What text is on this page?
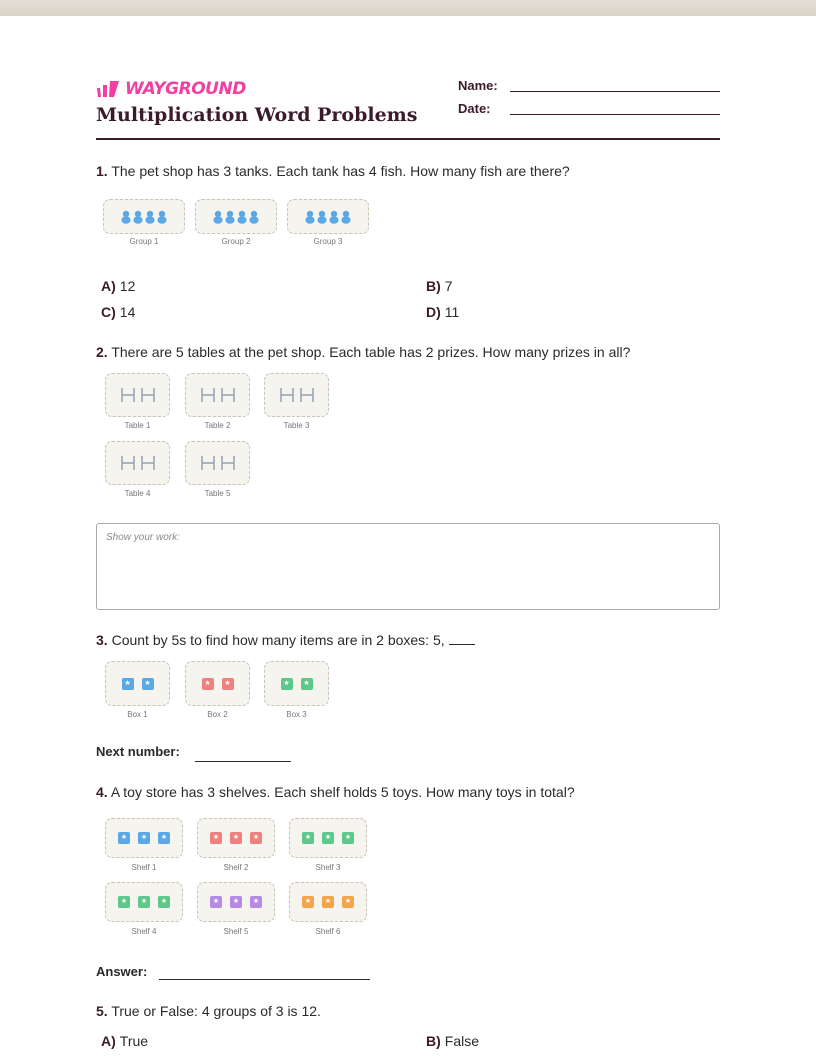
WAYGROUND
Multiplication Word Problems
Name:
Date:
1. The pet shop has 3 tanks. Each tank has 4 fish. How many fish are there?
Group 1	Group 2	Group 3
A) 12	B) 7
C) 14	D) 11
2. There are 5 tables at the pet shop. Each table has 2 prizes. How many prizes in all?
Table 1	Table 2	Table 3
Table 4	Table 5
Show your work:
3. Count by 5s to find how many items are in 2 boxes: 5,
★
★
Box 1
★
★	Box 2
★
★	Box 3
Next number:
4. A toy store has 3 shelves. Each shelf holds 5 toys. How many toys in total?
★
★
★
Shelf 1
★
★
★	Shelf 2
★
★
★	Shelf 3
★
★
★
Shelf 4
★
★
★	Shelf 5
★
★
★	Shelf 6
Answer:
5. True or False: 4 groups of 3 is 12.
A) True	B) False
